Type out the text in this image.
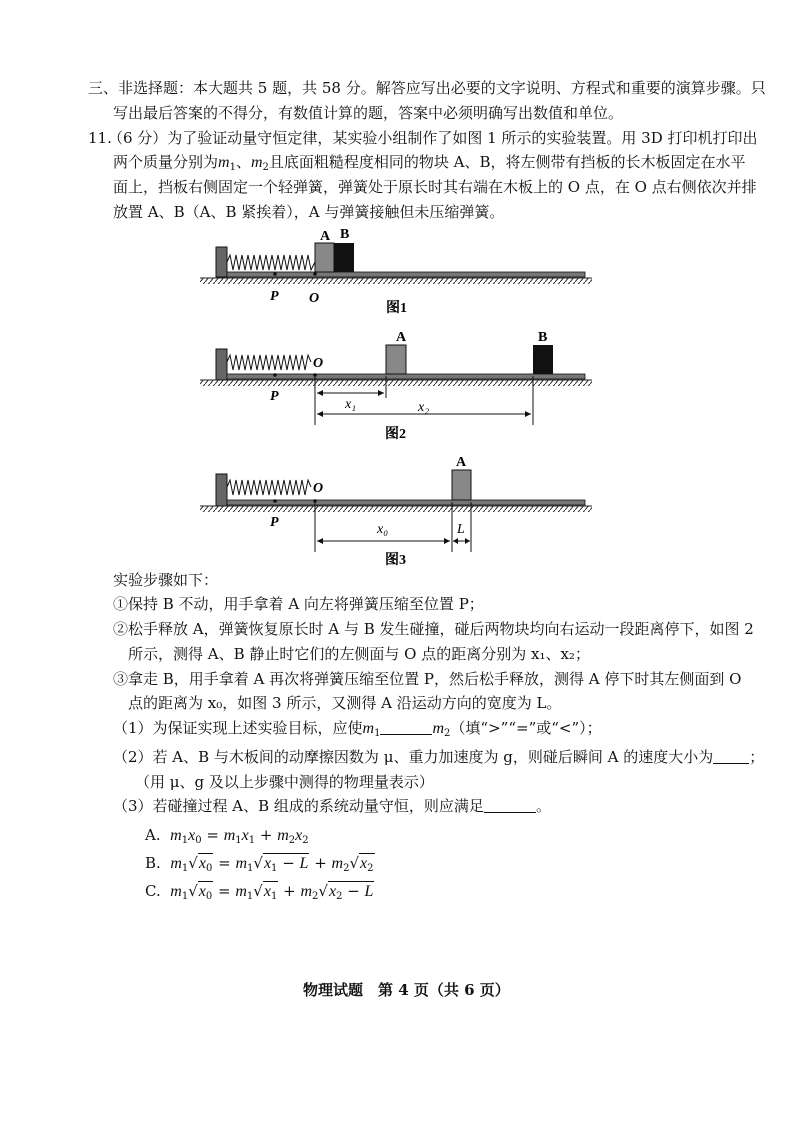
三、非选择题：本大题共 5 题，共 58 分。解答应写出必要的文字说明、方程式和重要的演算步骤。只
写出最后答案的不得分，有数值计算的题，答案中必须明确写出数值和单位。
11.
（6 分）为了验证动量守恒定律，某实验小组制作了如图 1 所示的实验装置。用 3D 打印机打印出
两个质量分别为$m_1$、$m_2$且底面粗糙程度相同的物块 A、B，将左侧带有挡板的长木板固定在水平
面上，挡板右侧固定一个轻弹簧，弹簧处于原长时其右端在木板上的 O 点，在 O 点右侧依次并排
放置 A、B（A、B 紧挨着），A 与弹簧接触但未压缩弹簧。
A B
P O
图1
A	B
O
P
x₁	x₂
图2
A
O
P	x₀	L
图3
实验步骤如下：
①保持 B 不动，用手拿着 A 向左将弹簧压缩至位置 P；
②松手释放 A，弹簧恢复原长时 A 与 B 发生碰撞，碰后两物块均向右运动一段距离停下，如图 2
所示，测得 A、B 静止时它们的左侧面与 O 点的距离分别为 x₁、x₂；
③拿走 B，用手拿着 A 再次将弹簧压缩至位置 P，然后松手释放，测得 A 停下时其左侧面到 O
点的距离为 x₀，如图 3 所示，又测得 A 沿运动方向的宽度为 L。
（1）为保证实现上述实验目标，应使$m_1$	$m_2$（填“>”“=”或“<”）；
（2）若 A、B 与木板间的动摩擦因数为 μ、重力加速度为 g，则碰后瞬间 A 的速度大小为 ；
（用 μ、g 及以上步骤中测得的物理量表示）
（3）若碰撞过程 A、B 组成的系统动量守恒，则应满足	。
A. $m_1x_0 = m_1x_1 + m_2x_2$
B. $m_1√x_0 = m_1√x_1 - L + m_2√x_2$
C. $m_1√x_0 = m_1√x_1 + m_2√x_2 - L$
物理试题　第 4 页（共 6 页）
